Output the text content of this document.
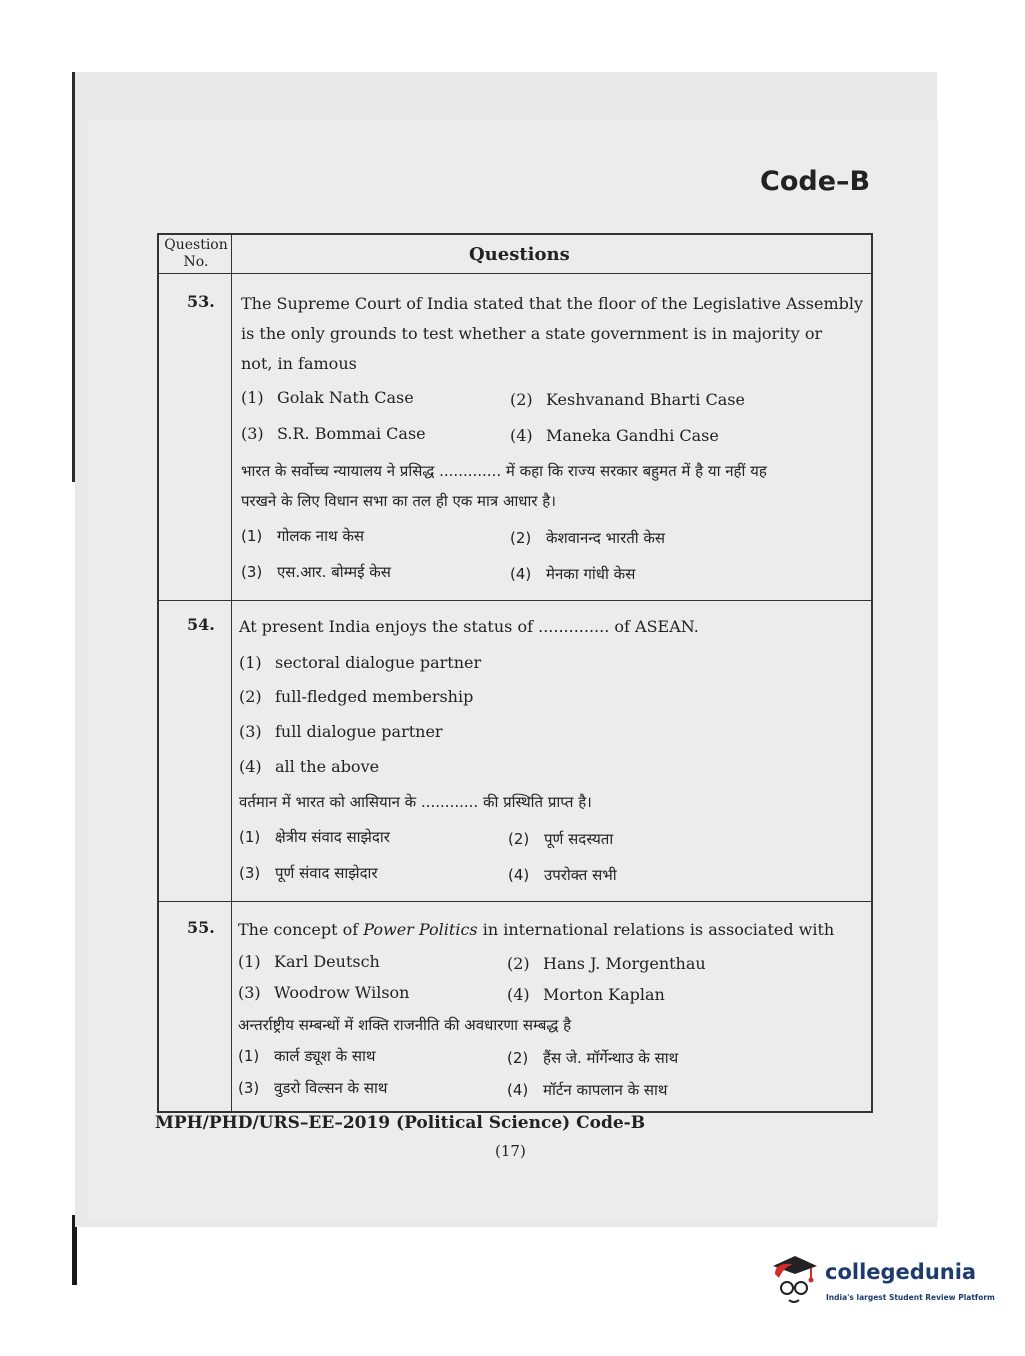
Code–B
Question No.	Questions
53. The Supreme Court of India stated that the floor of the Legislative Assembly
is the only grounds to test whether a state government is in majority or
not, in famous
(1) Golak Nath Case	(2) Keshvanand Bharti Case
(3) S.R. Bommai Case	(4) Maneka Gandhi Case
भारत के सर्वोच्च न्यायालय ने प्रसिद्ध ............. में कहा कि राज्य सरकार बहुमत में है या नहीं यह
परखने के लिए विधान सभा का तल ही एक मात्र आधार है।
(1) गोलक नाथ केस	(2) केशवानन्द भारती केस
(3) एस.आर. बोम्मई केस	(4) मेनका गांधी केस
54. At present India enjoys the status of .............. of ASEAN.
(1) sectoral dialogue partner
(2) full-fledged membership
(3) full dialogue partner
(4) all the above
वर्तमान में भारत को आसियान के ............ की प्रस्थिति प्राप्त है।
(1) क्षेत्रीय संवाद साझेदार	(2) पूर्ण सदस्यता
(3) पूर्ण संवाद साझेदार	(4) उपरोक्त सभी
55. The concept of Power Politics in international relations is associated with
(1) Karl Deutsch	(2) Hans J. Morgenthau
(3) Woodrow Wilson	(4) Morton Kaplan
अन्तर्राष्ट्रीय सम्बन्धों में शक्ति राजनीति की अवधारणा सम्बद्ध है
(1) कार्ल ड्यूश के साथ	(2) हैंस जे. मॉर्गेन्थाउ के साथ
(3) वुडरो विल्सन के साथ	(4) मॉर्टन कापलान के साथ
MPH/PHD/URS–EE–2019 (Political Science) Code-B
(17)
collegedunia
India's largest Student Review Platform
